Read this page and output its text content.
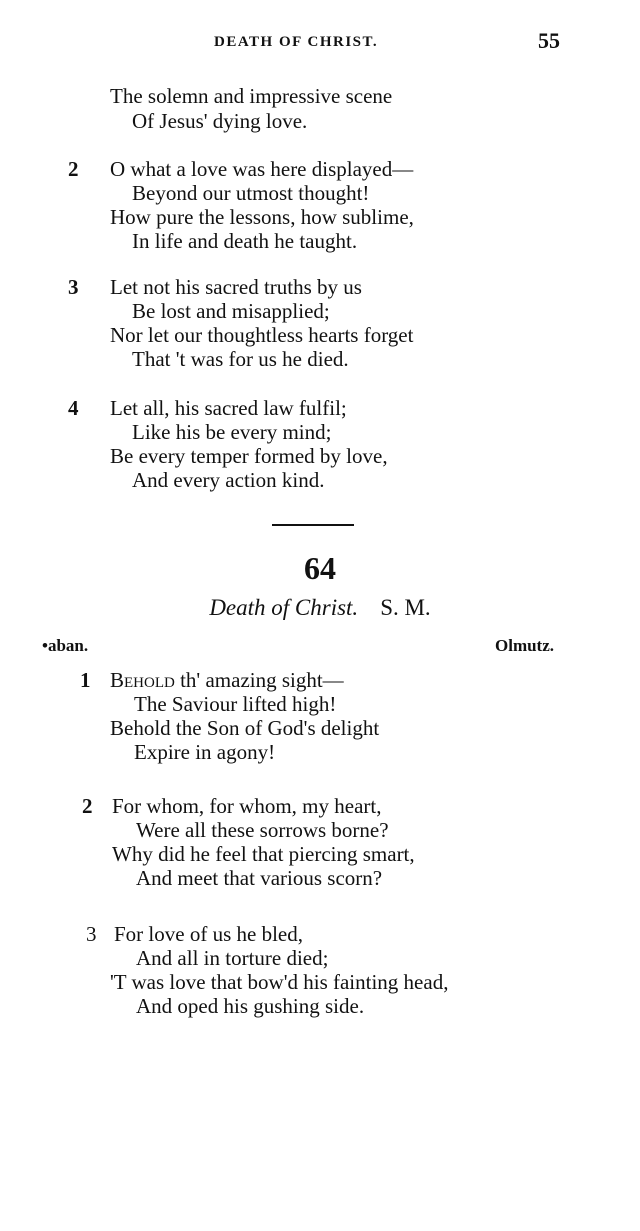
DEATH OF CHRIST.	55
The solemn and impressive scene
Of Jesus' dying love.
2 O what a love was here displayed—
Beyond our utmost thought!
How pure the lessons, how sublime,
In life and death he taught.
3 Let not his sacred truths by us
Be lost and misapplied;
Nor let our thoughtless hearts forget
That 't was for us he died.
4 Let all, his sacred law fulfil;
Like his be every mind;
Be every temper formed by love,
And every action kind.
64
Death of Christ. S. M.
•aban.	Olmutz.
1 Behold th' amazing sight—
The Saviour lifted high!
Behold the Son of God's delight
Expire in agony!
2 For whom, for whom, my heart,
Were all these sorrows borne?
Why did he feel that piercing smart,
And meet that various scorn?
3 For love of us he bled,
And all in torture died;
'T was love that bow'd his fainting head,
And oped his gushing side.
